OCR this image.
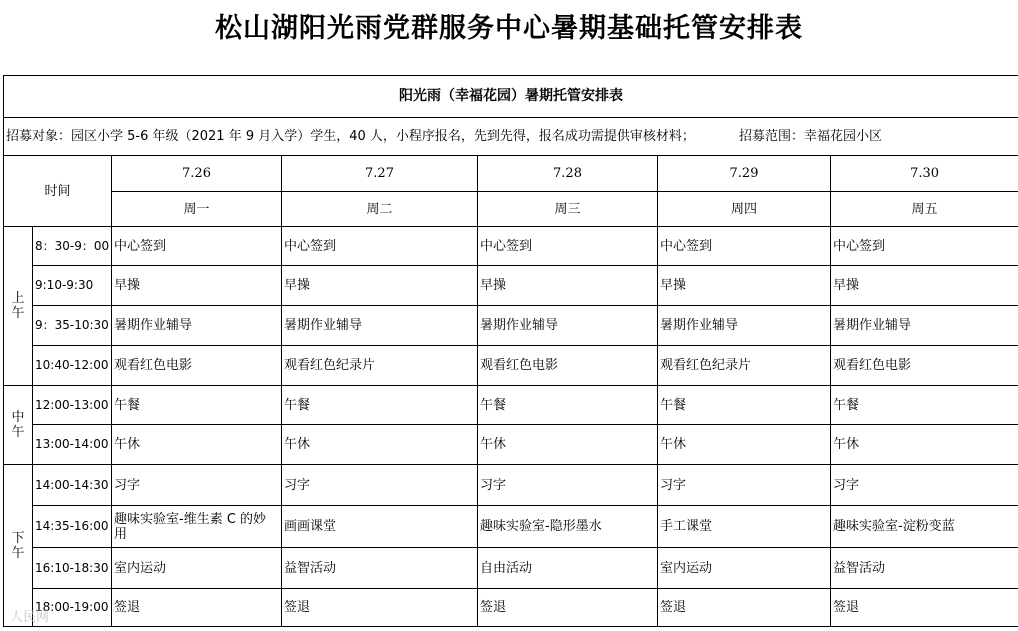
松山湖阳光雨党群服务中心暑期基础托管安排表
阳光雨（幸福花园）暑期托管安排表						
招募对象：园区小学 5-6 年级（2021 年 9 月入学）学生，40 人，小程序报名，先到先得，报名成功需提供审核材料； 招募范围：幸福花园小区						
时间		7.26	7.27	7.28	7.29	7.30
		周一	周二	周三	周四	周五
上午	8：30-9：00	中心签到	中心签到	中心签到	中心签到	中心签到
	9:10-9:30	早操	早操	早操	早操	早操
	9：35-10:30	暑期作业辅导	暑期作业辅导	暑期作业辅导	暑期作业辅导	暑期作业辅导
	10:40-12:00	观看红色电影	观看红色纪录片	观看红色电影	观看红色纪录片	观看红色电影
中午	12:00-13:00	午餐	午餐	午餐	午餐	午餐
	13:00-14:00	午休	午休	午休	午休	午休
下午	14:00-14:30	习字	习字	习字	习字	习字
	14:35-16:00	趣味实验室-维生素 C 的妙用	画画课堂	趣味实验室-隐形墨水	手工课堂	趣味实验室-淀粉变蓝
	16:10-18:30	室内运动	益智活动	自由活动	室内运动	益智活动
	18:00-19:00	签退	签退	签退	签退	签退
人民网
